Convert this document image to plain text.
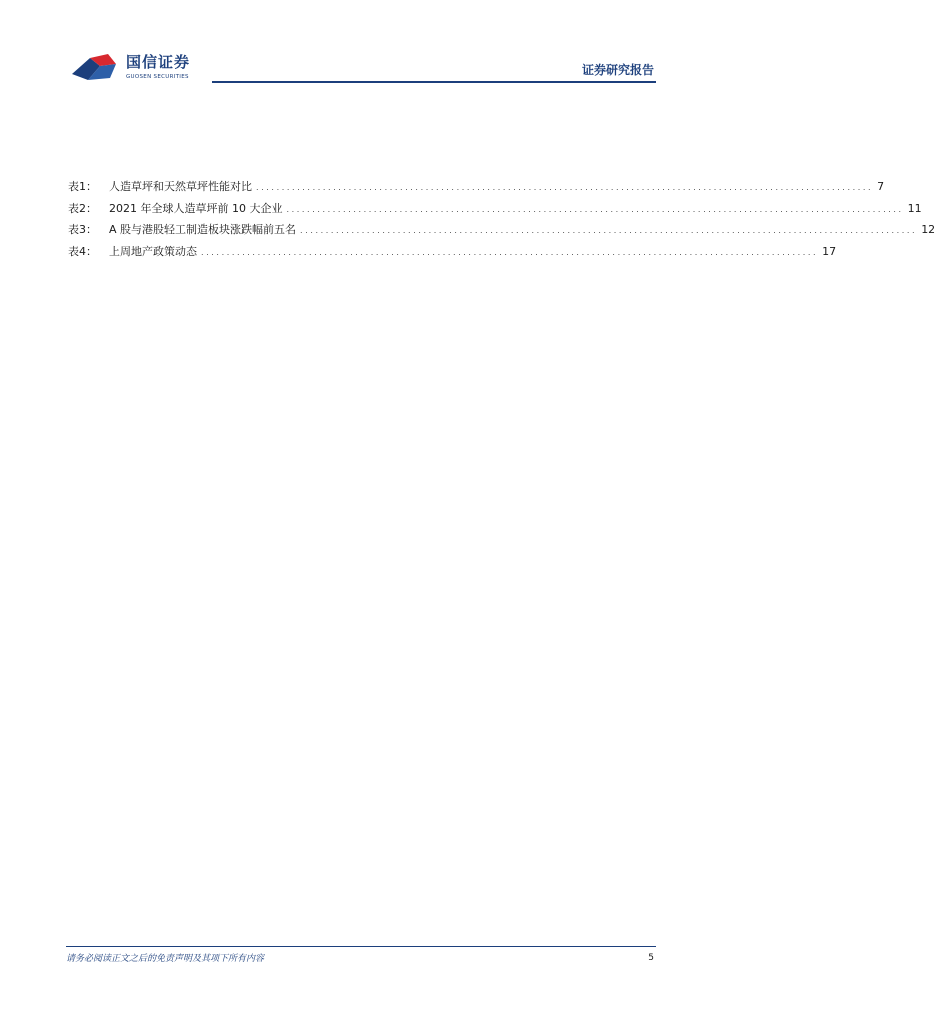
国信证券
GUOSEN SECURITIES	证券研究报告
表1： 人造草坪和天然草坪性能对比 ........................................................................................................................ 7
表2： 2021 年全球人造草坪前 10 大企业 ........................................................................................................................ 11
表3： A 股与港股轻工制造板块涨跌幅前五名 ........................................................................................................................ 12
表4： 上周地产政策动态 ........................................................................................................................ 17
请务必阅读正文之后的免责声明及其项下所有内容	5
